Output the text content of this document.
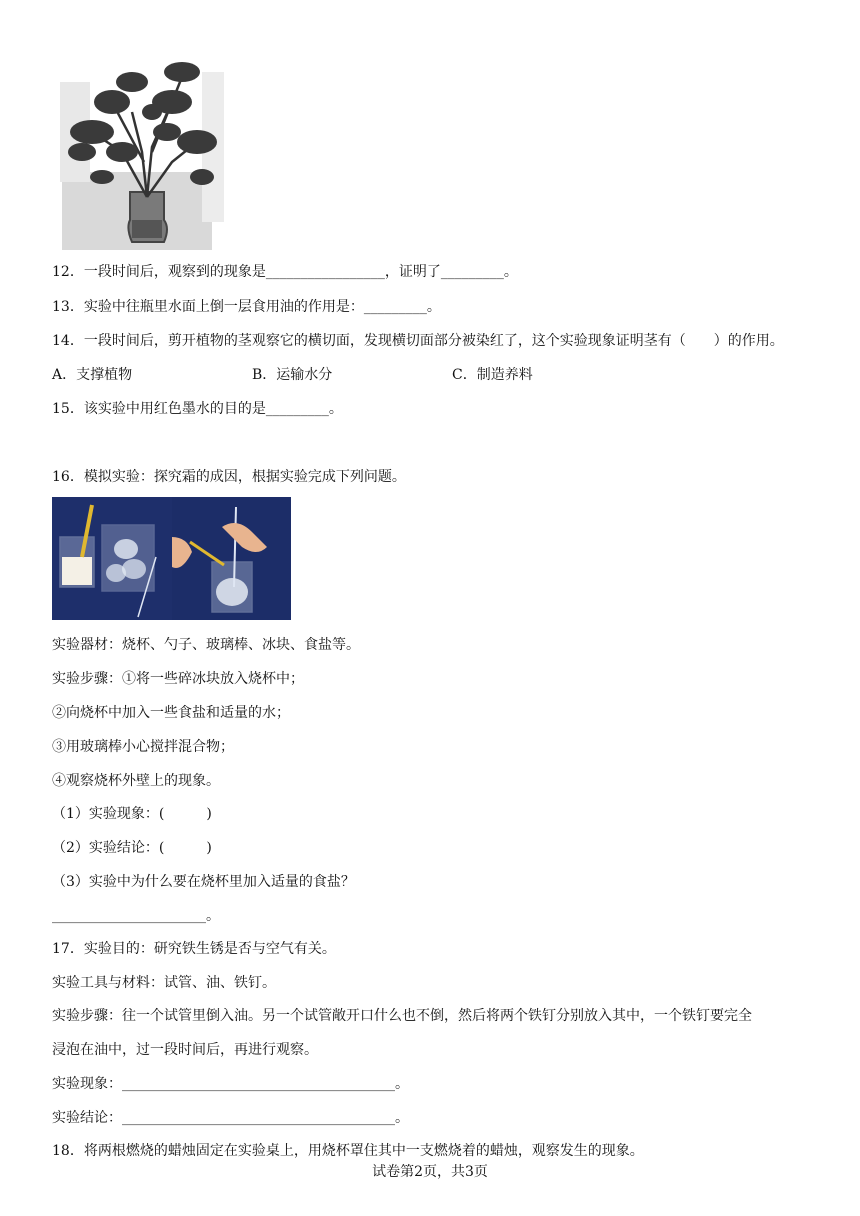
12．一段时间后，观察到的现象是_________________，证明了_________。
13．实验中往瓶里水面上倒一层食用油的作用是：_________。
14．一段时间后，剪开植物的茎观察它的横切面，发现横切面部分被染红了，这个实验现象证明茎有（　　）的作用。
A．支撑植物	B．运输水分	C．制造养料
15．该实验中用红色墨水的目的是_________。
16．模拟实验：探究霜的成因，根据实验完成下列问题。
实验器材：烧杯、勺子、玻璃棒、冰块、食盐等。
实验步骤：①将一些碎冰块放入烧杯中；
②向烧杯中加入一些食盐和适量的水；
③用玻璃棒小心搅拌混合物；
④观察烧杯外壁上的现象。
（1）实验现象：(　　　)
（2）实验结论：(　　　)
（3）实验中为什么要在烧杯里加入适量的食盐？
______________________。
17．实验目的：研究铁生锈是否与空气有关。
实验工具与材料：试管、油、铁钉。
实验步骤：往一个试管里倒入油。另一个试管敞开口什么也不倒，然后将两个铁钉分别放入其中，一个铁钉要完全
浸泡在油中，过一段时间后，再进行观察。
实验现象：_______________________________________。
实验结论：_______________________________________。
18．将两根燃烧的蜡烛固定在实验桌上，用烧杯罩住其中一支燃烧着的蜡烛，观察发生的现象。
试卷第2页，共3页
